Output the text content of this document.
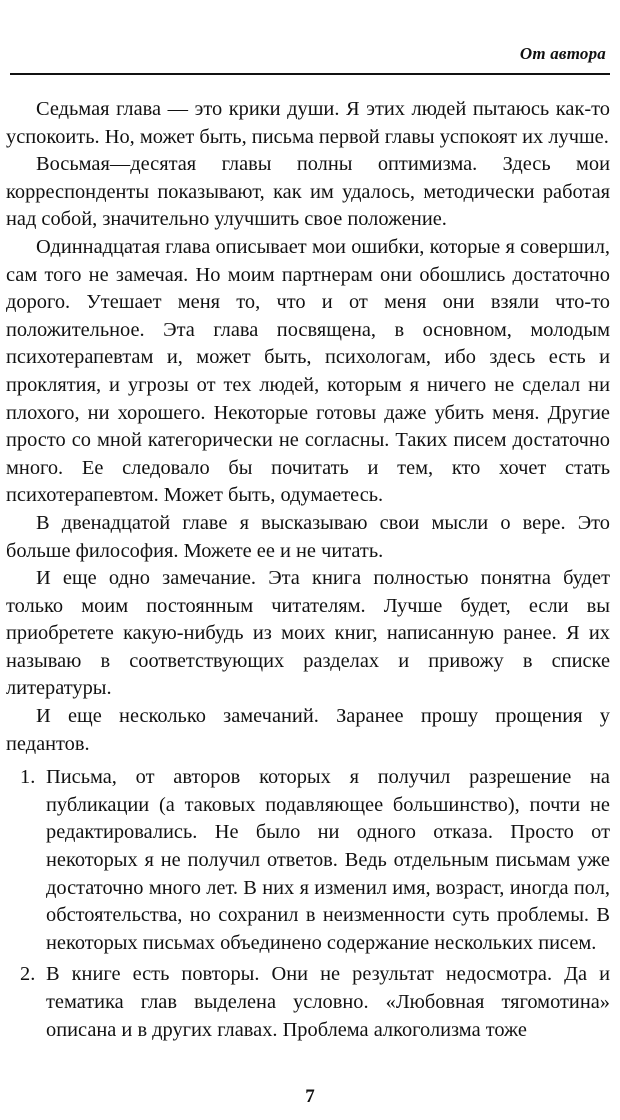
От автора

Седьмая глава — это крики души. Я этих людей пытаюсь как-то успокоить. Но, может быть, письма первой главы успокоят их лучше.

Восьмая—десятая главы полны оптимизма. Здесь мои корреспонденты показывают, как им удалось, методически работая над собой, значительно улучшить свое положение.

Одиннадцатая глава описывает мои ошибки, которые я совершил, сам того не замечая. Но моим партнерам они обошлись достаточно дорого. Утешает меня то, что и от меня они взяли что-то положительное. Эта глава посвящена, в основном, молодым психотерапевтам и, может быть, психологам, ибо здесь есть и проклятия, и угрозы от тех людей, которым я ничего не сделал ни плохого, ни хорошего. Некоторые готовы даже убить меня. Другие просто со мной категорически не согласны. Таких писем достаточно много. Ее следовало бы почитать и тем, кто хочет стать психотерапевтом. Может быть, одумаетесь.

В двенадцатой главе я высказываю свои мысли о вере. Это больше философия. Можете ее и не читать.

И еще одно замечание. Эта книга полностью понятна будет только моим постоянным читателям. Лучше будет, если вы приобретете какую-нибудь из моих книг, написанную ранее. Я их называю в соответствующих разделах и привожу в списке литературы.

И еще несколько замечаний. Заранее прошу прощения у педантов.

1. Письма, от авторов которых я получил разрешение на публикации (а таковых подавляющее большинство), почти не редактировались. Не было ни одного отказа. Просто от некоторых я не получил ответов. Ведь отдельным письмам уже достаточно много лет. В них я изменил имя, возраст, иногда пол, обстоятельства, но сохранил в неизменности суть проблемы. В некоторых письмах объединено содержание нескольких писем.
2. В книге есть повторы. Они не результат недосмотра. Да и тематика глав выделена условно. «Любовная тягомотина» описана и в других главах. Проблема алкоголизма тоже
7
